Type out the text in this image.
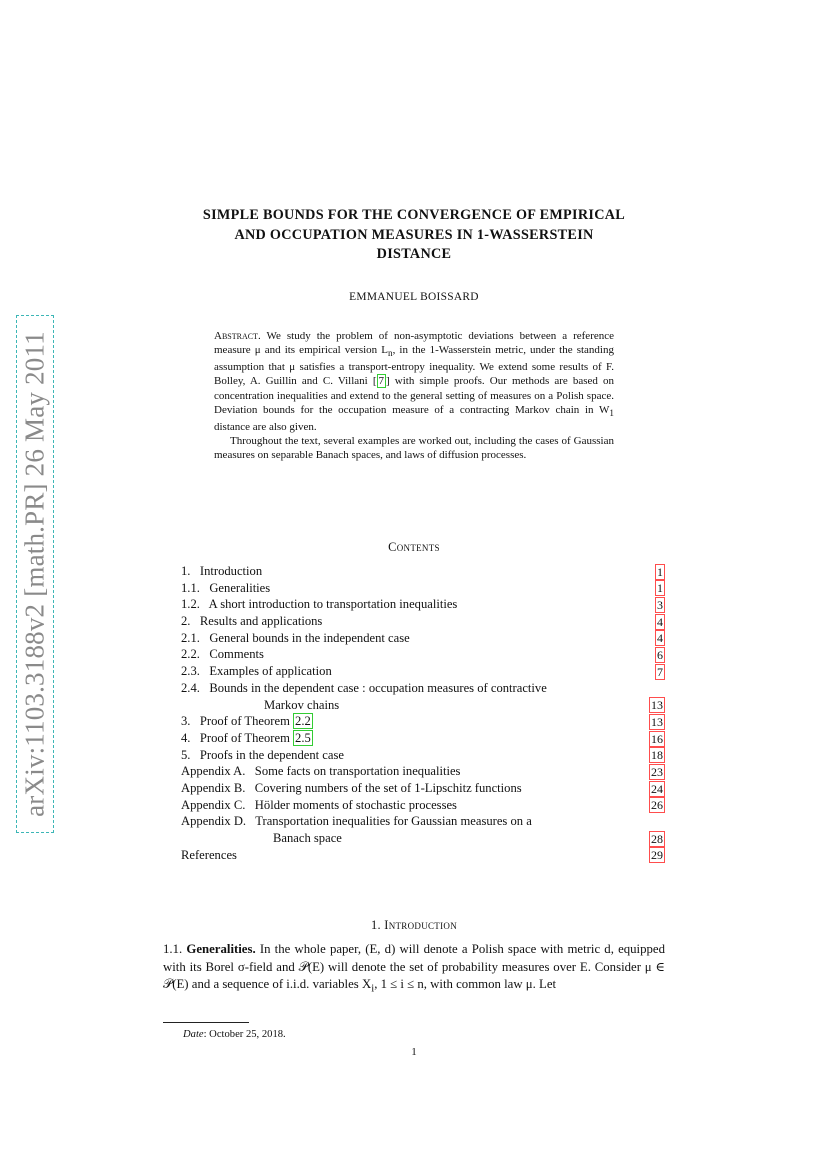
arXiv:1103.3188v2 [math.PR] 26 May 2011
SIMPLE BOUNDS FOR THE CONVERGENCE OF EMPIRICAL
AND OCCUPATION MEASURES IN 1-WASSERSTEIN
DISTANCE
EMMANUEL BOISSARD

Abstract. We study the problem of non-asymptotic deviations between a reference measure μ and its empirical version $L_n$, in the 1-Wasserstein metric, under the standing assumption that μ satisfies a transport-entropy inequality. We extend some results of F. Bolley, A. Guillin and C. Villani [ 7 ] with simple proofs. Our methods are based on concentration inequalities and extend to the general setting of measures on a Polish space. Deviation bounds for the occupation measure of a contracting Markov chain in $W_1$ distance are also given.

Throughout the text, several examples are worked out, including the cases of Gaussian measures on separable Banach spaces, and laws of diffusion processes.

Contents
1.   Introduction	1
1.1.   Generalities	1
1.2.   A short introduction to transportation inequalities	3
2.   Results and applications	4
2.1.   General bounds in the independent case	4
2.2.   Comments	6
2.3.   Examples of application	7
2.4.   Bounds in the dependent case : occupation measures of contractive
Markov chains	13
3.   Proof of Theorem 2.2	13
4.   Proof of Theorem 2.5	16
5.   Proofs in the dependent case	18
Appendix A.   Some facts on transportation inequalities	23
Appendix B.   Covering numbers of the set of 1-Lipschitz functions	24
Appendix C.   Hölder moments of stochastic processes	26
Appendix D.   Transportation inequalities for Gaussian measures on a
Banach space	28
References	29
1. Introduction
1.1. Generalities. In the whole paper, (E, d) will denote a Polish space with metric d, equipped with its Borel σ-field and 𝒫(E) will denote the set of probability measures over E. Consider μ ∈ 𝒫(E) and a sequence of i.i.d. variables $X_i$, 1 ≤ i ≤ n, with common law μ. Let
Date: October 25, 2018.
1
